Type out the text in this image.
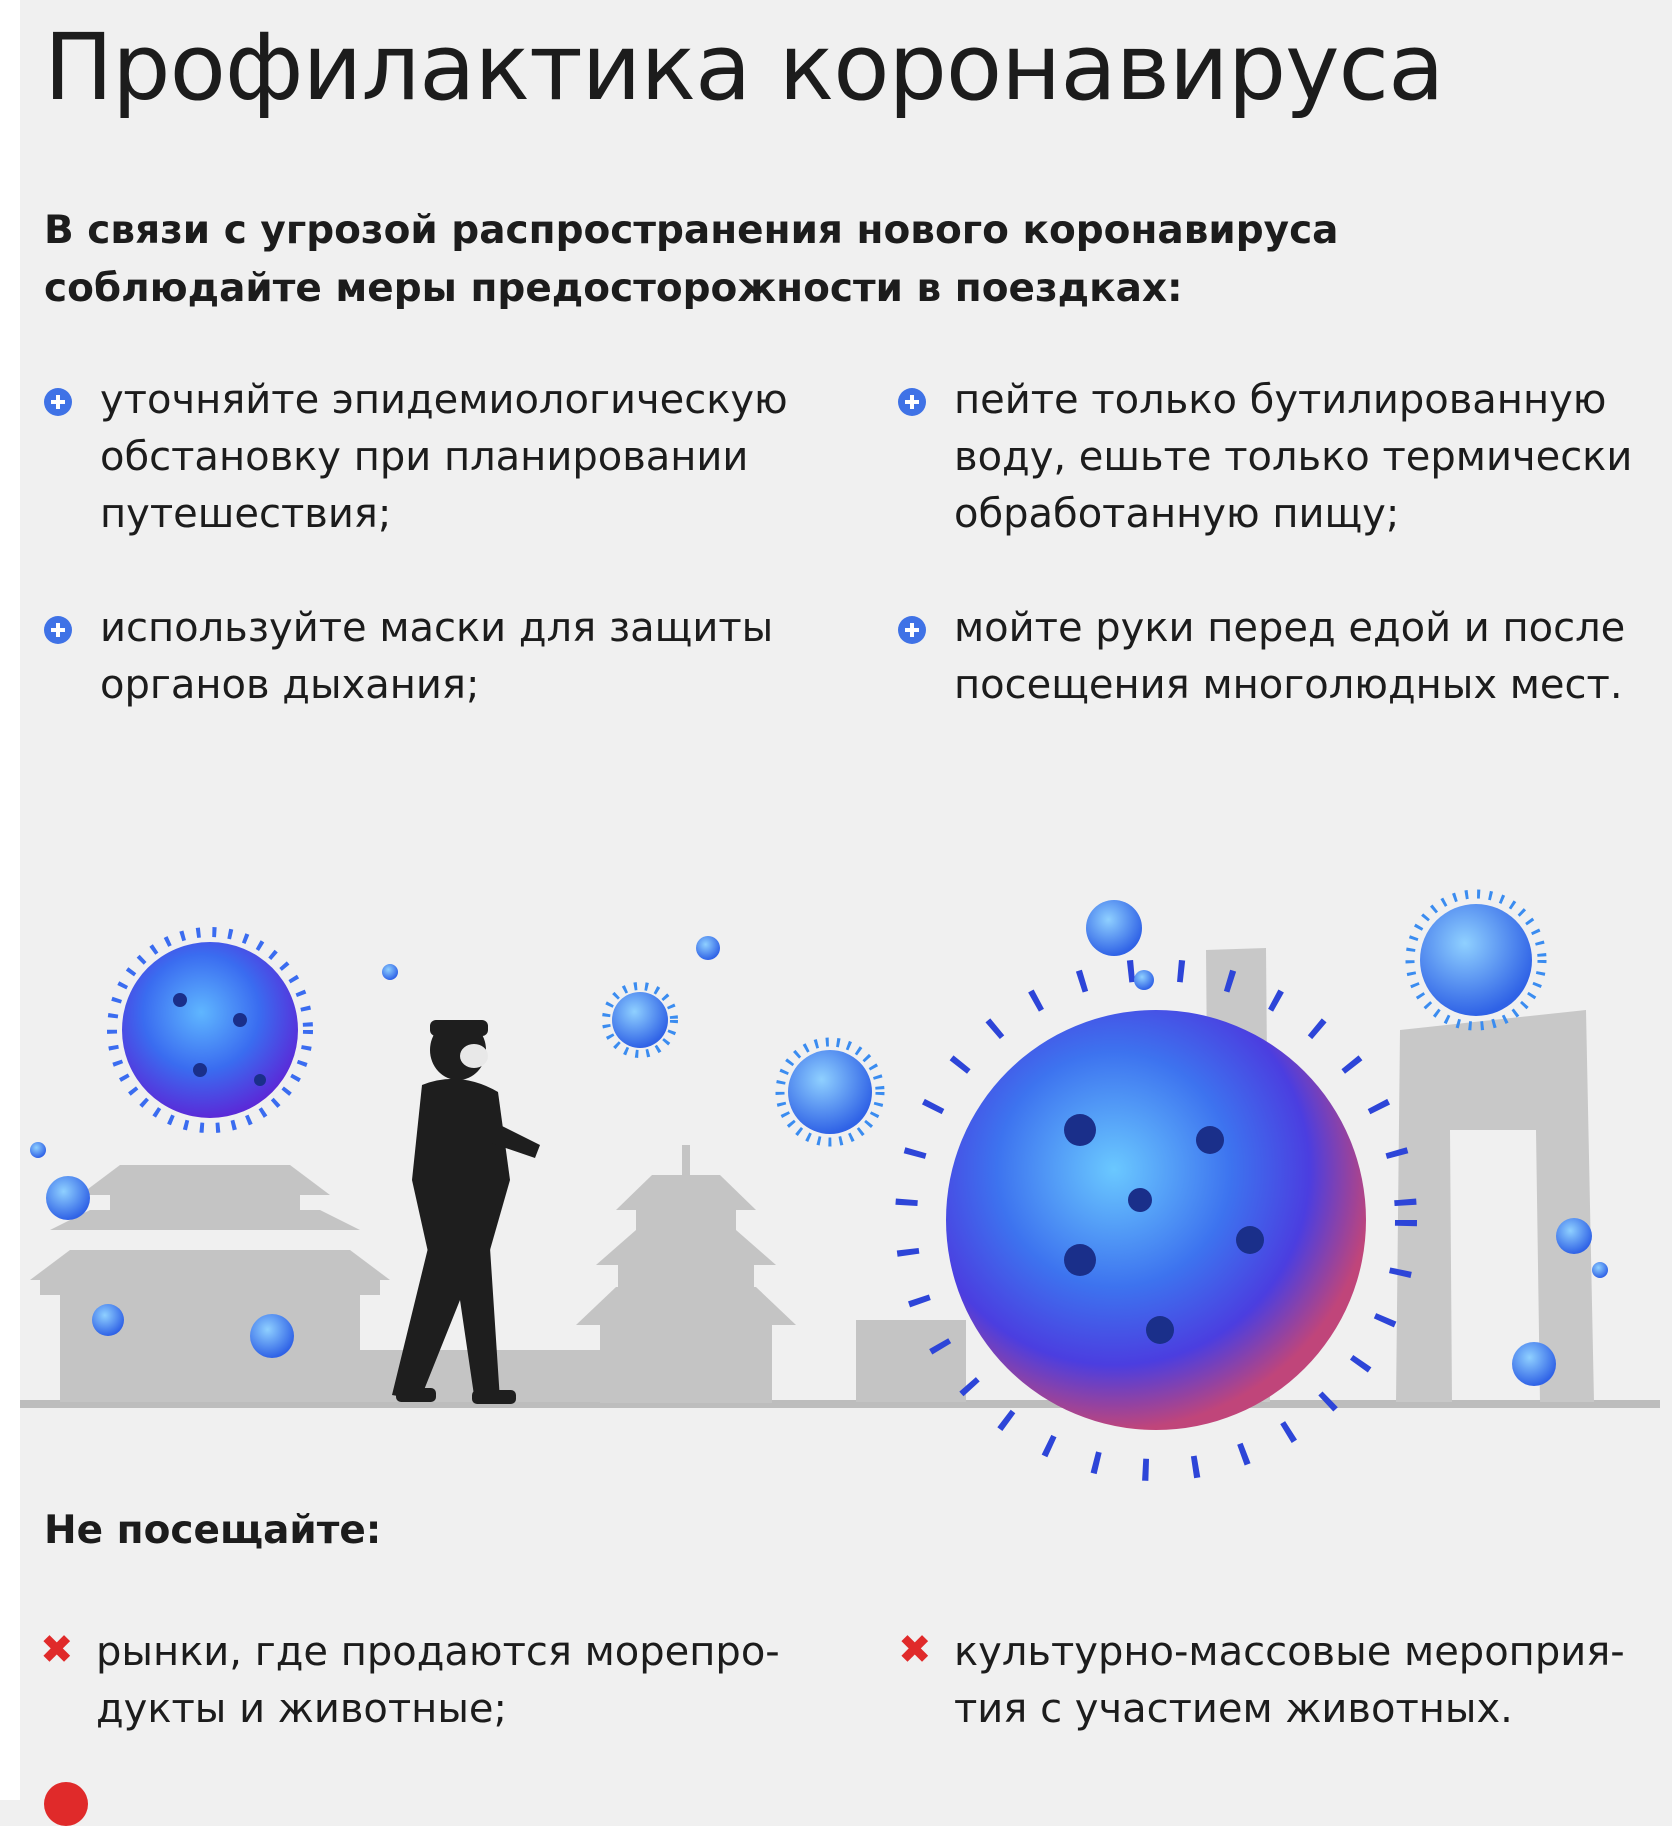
Профилактика коронавируса

В связи с угрозой распространения нового коронавируса соблюдайте меры предосторожности в поездках:

уточняйте эпидемиологическую обстановку при планировании путешествия;
пейте только бутилированную воду, ешьте только термически обработанную пищу;
используйте маски для защиты органов дыхания;
мойте руки перед едой и после посещения многолюдных мест.
Не посещайте:
✖ рынки, где продаются морепро-дукты и животные;
✖ культурно-массовые мероприя-тия с участием животных.
